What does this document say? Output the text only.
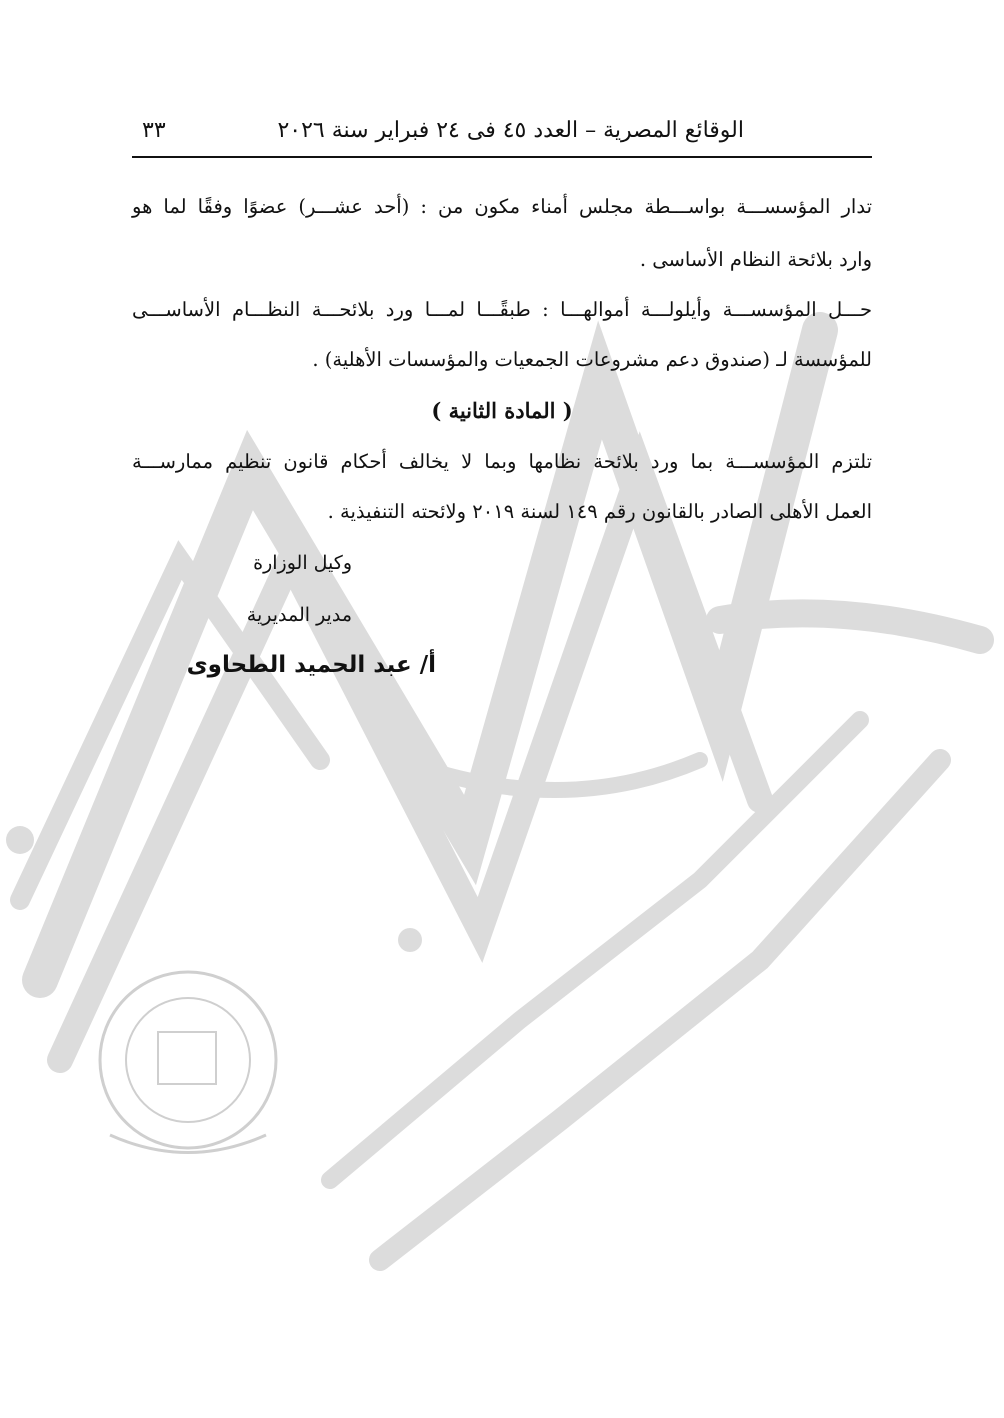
٣٣	الوقائع المصرية – العدد ٤٥ فى ٢٤ فبراير سنة ٢٠٢٦
تدار المؤسســـة بواســـطة مجلس أمناء مكون من : (أحد عشـــر) عضوًا وفقًا لما هو
وارد بلائحة النظام الأساسى .
حـــل المؤسســـة وأيلولـــة أموالهـــا : طبقًـــا لمـــا ورد بلائحـــة النظـــام الأساســـى
للمؤسسة لـ (صندوق دعم مشروعات الجمعيات والمؤسسات الأهلية) .
( المادة الثانية )
تلتزم المؤسســـة بما ورد بلائحة نظامها وبما لا يخالف أحكام قانون تنظيم ممارســـة
العمل الأهلى الصادر بالقانون رقم ١٤٩ لسنة ٢٠١٩ ولائحته التنفيذية .
وكيل الوزارة
مدير المديرية
أ/ عبد الحميد الطحاوى
